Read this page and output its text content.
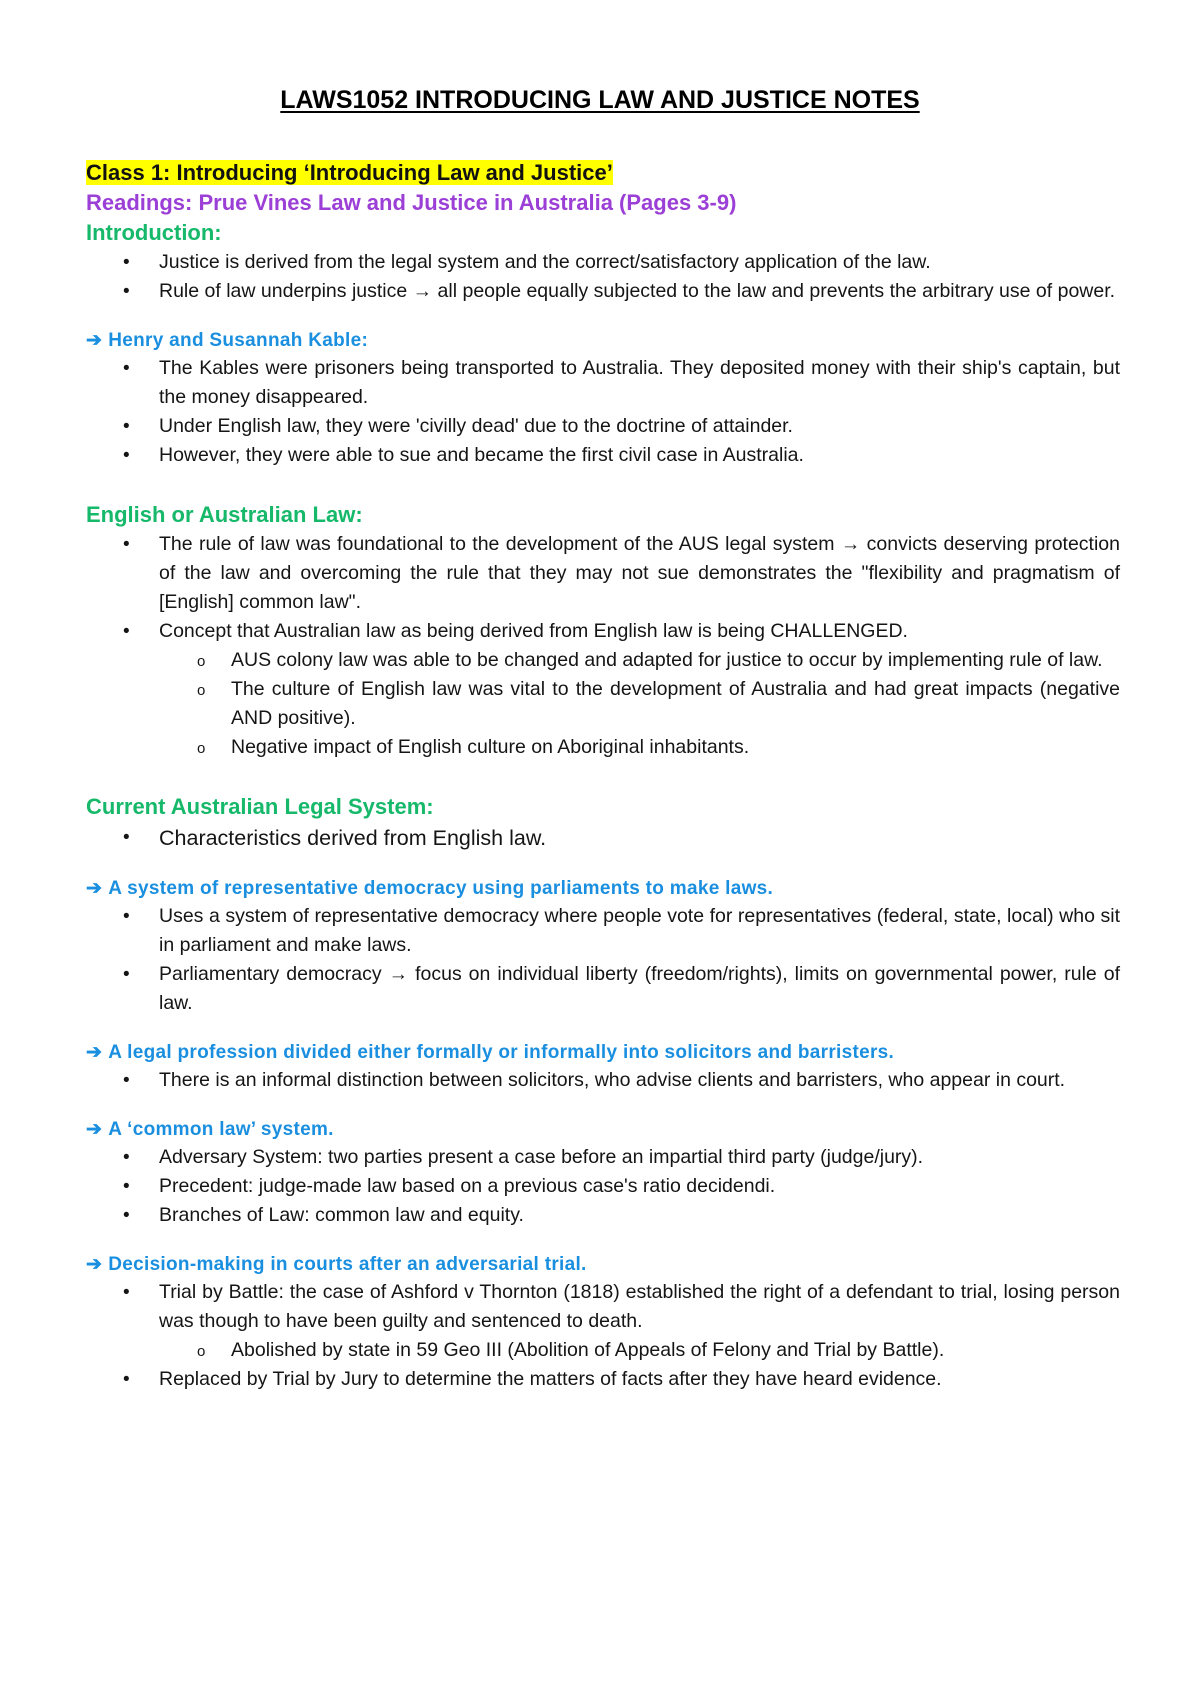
LAWS1052 INTRODUCING LAW AND JUSTICE NOTES

Class 1: Introducing ‘Introducing Law and Justice’

Readings: Prue Vines Law and Justice in Australia (Pages 3-9)

Introduction:

• Justice is derived from the legal system and the correct/satisfactory application of the law.
• Rule of law underpins justice → all people equally subjected to the law and prevents the arbitrary use of power.

➔ Henry and Susannah Kable:

• The Kables were prisoners being transported to Australia. They deposited money with their ship's captain, but the money disappeared.
• Under English law, they were 'civilly dead' due to the doctrine of attainder.
• However, they were able to sue and became the first civil case in Australia.

English or Australian Law:

• The rule of law was foundational to the development of the AUS legal system → convicts deserving protection of the law and overcoming the rule that they may not sue demonstrates the "flexibility and pragmatism of [English] common law".
• Concept that Australian law as being derived from English law is being CHALLENGED.
o AUS colony law was able to be changed and adapted for justice to occur by implementing rule of law.
o The culture of English law was vital to the development of Australia and had great impacts (negative AND positive).
o Negative impact of English culture on Aboriginal inhabitants.

Current Australian Legal System:

• Characteristics derived from English law.

➔ A system of representative democracy using parliaments to make laws.

• Uses a system of representative democracy where people vote for representatives (federal, state, local) who sit in parliament and make laws.
• Parliamentary democracy → focus on individual liberty (freedom/rights), limits on governmental power, rule of law.

➔ A legal profession divided either formally or informally into solicitors and barristers.

• There is an informal distinction between solicitors, who advise clients and barristers, who appear in court.

➔ A ‘common law’ system.

• Adversary System: two parties present a case before an impartial third party (judge/jury).
• Precedent: judge-made law based on a previous case's ratio decidendi.
• Branches of Law: common law and equity.

➔ Decision-making in courts after an adversarial trial.

• Trial by Battle: the case of Ashford v Thornton (1818) established the right of a defendant to trial, losing person was though to have been guilty and sentenced to death.
o Abolished by state in 59 Geo III (Abolition of Appeals of Felony and Trial by Battle).
• Replaced by Trial by Jury to determine the matters of facts after they have heard evidence.
